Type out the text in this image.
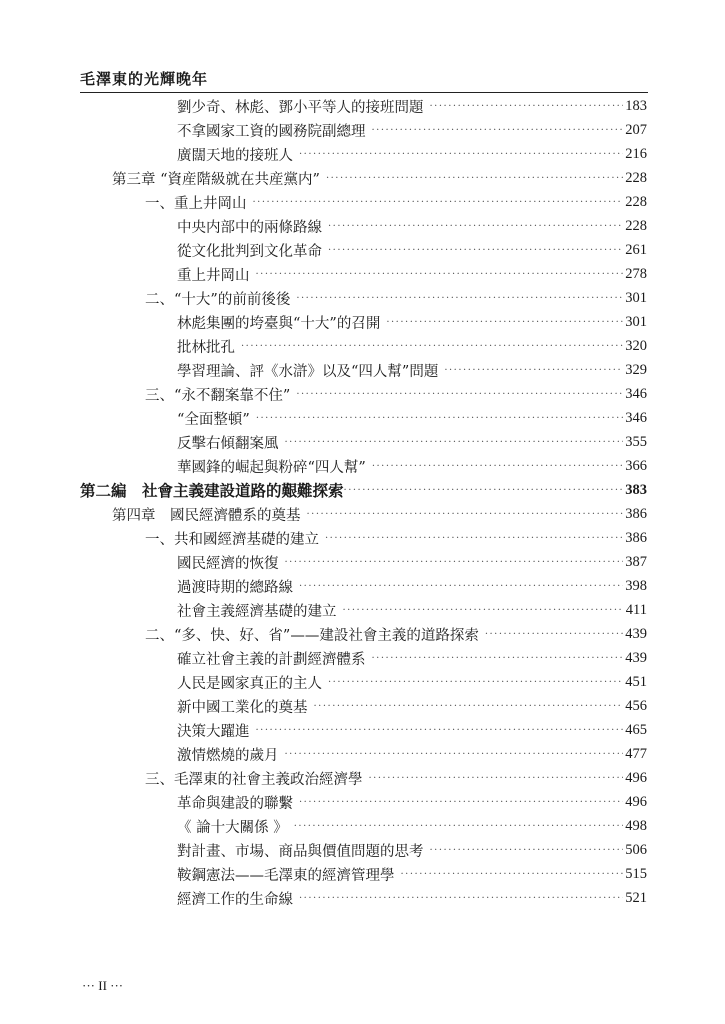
毛澤東的光輝晚年
劉少奇、林彪、鄧小平等人的接班問題 ·····	183
不拿國家工資的國務院副總理 ·····	207
廣闊天地的接班人 ·····	216
第三章 “資産階級就在共産黨内” ·····	228
一、重上井岡山 ·····	228
中央内部中的兩條路線 ·····	228
從文化批判到文化革命 ·····	261
重上井岡山 ·····	278
二、“十大”的前前後後 ·····	301
林彪集團的垮臺與“十大”的召開 ·····	301
批林批孔 ·····	320
學習理論、評《水滸》以及“四人幫”問題 ·····	329
三、“永不翻案靠不住” ·····	346
“全面整頓” ·····	346
反擊右傾翻案風 ·····	355
華國鋒的崛起與粉碎“四人幫” ·····	366
第二編　社會主義建設道路的艱難探索 ·····	383
第四章　國民經濟體系的奠基 ·····	386
一、共和國經濟基礎的建立 ·····	386
國民經濟的恢復 ·····	387
過渡時期的總路線 ·····	398
社會主義經濟基礎的建立 ·····	411
二、“多、快、好、省”——建設社會主義的道路探索 ·····	439
確立社會主義的計劃經濟體系 ·····	439
人民是國家真正的主人 ·····	451
新中國工業化的奠基 ·····	456
決策大躍進 ·····	465
激情燃燒的歲月 ·····	477
三、毛澤東的社會主義政治經濟學 ·····	496
革命與建設的聯繫 ·····	496
《 論十大關係 》 ·····	498
對計畫、市場、商品與價值問題的思考 ·····	506
鞍鋼憲法——毛澤東的經濟管理學 ·····	515
經濟工作的生命線 ·····	521
··· II ···
